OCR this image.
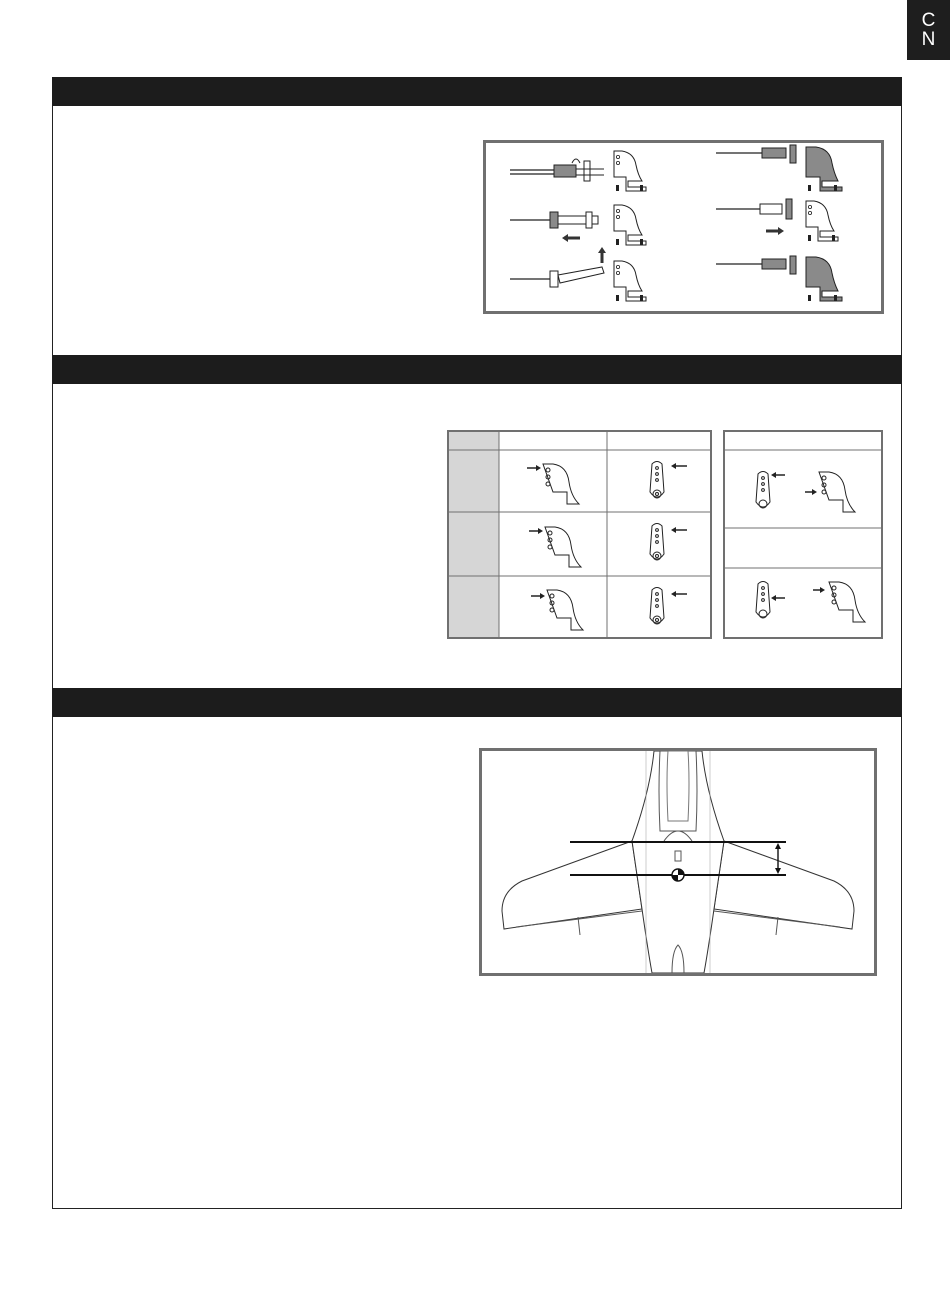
C
N
